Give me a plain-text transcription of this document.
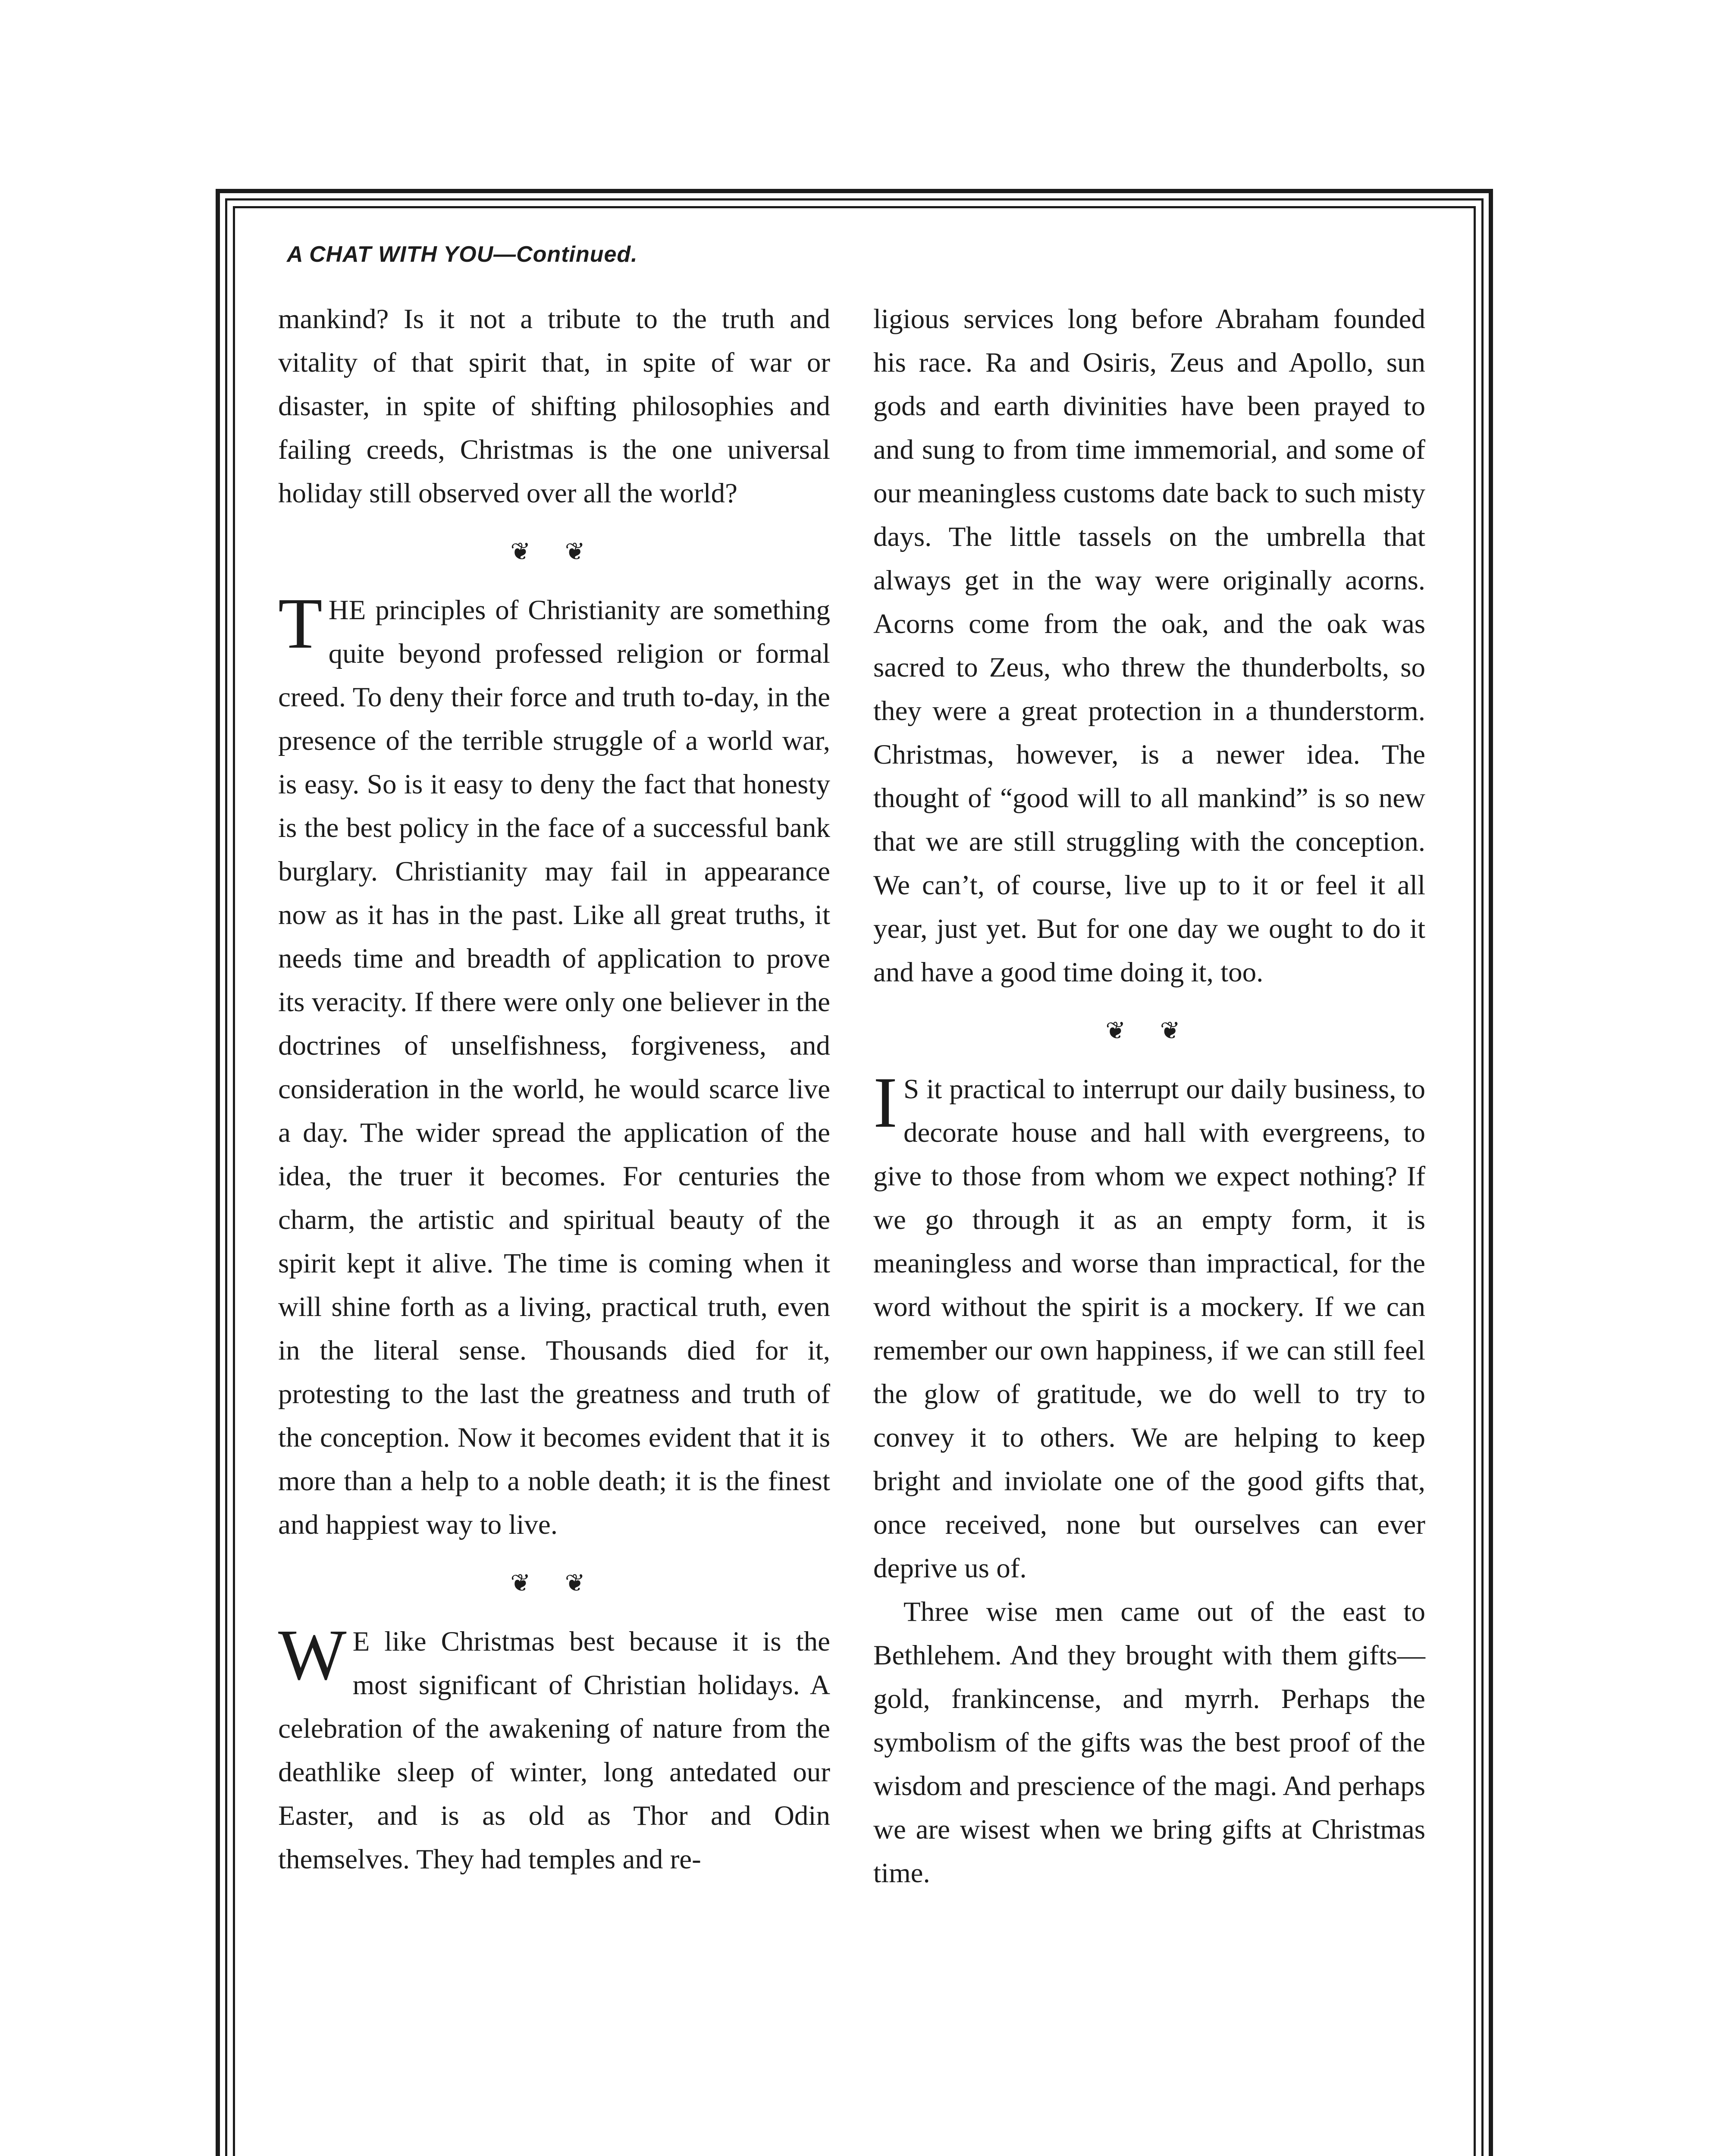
A CHAT WITH YOU—Continued.

mankind? Is it not a tribute to the truth and vitality of that spirit that, in spite of war or disaster, in spite of shifting philosophies and failing creeds, Christmas is the one universal holiday still observed over all the world?

❦ ❦

THE principles of Christianity are something quite beyond professed religion or formal creed. To deny their force and truth to-day, in the presence of the terrible struggle of a world war, is easy. So is it easy to deny the fact that honesty is the best policy in the face of a successful bank burglary. Christianity may fail in appearance now as it has in the past. Like all great truths, it needs time and breadth of application to prove its veracity. If there were only one believer in the doctrines of unselfishness, forgiveness, and consideration in the world, he would scarce live a day. The wider spread the application of the idea, the truer it becomes. For centuries the charm, the artistic and spiritual beauty of the spirit kept it alive. The time is coming when it will shine forth as a living, practical truth, even in the literal sense. Thousands died for it, protesting to the last the greatness and truth of the conception. Now it becomes evident that it is more than a help to a noble death; it is the finest and happiest way to live.

❦ ❦

W E like Christmas best because it is the most significant of Christian holidays. A celebration of the awakening of nature from the deathlike sleep of winter, long antedated our Easter, and is as old as Thor and Odin themselves. They had temples and re-

ligious services long before Abraham founded his race. Ra and Osiris, Zeus and Apollo, sun gods and earth divinities have been prayed to and sung to from time immemorial, and some of our meaningless customs date back to such misty days. The little tassels on the umbrella that always get in the way were originally acorns. Acorns come from the oak, and the oak was sacred to Zeus, who threw the thunderbolts, so they were a great protection in a thunderstorm. Christmas, however, is a newer idea. The thought of “good will to all mankind” is so new that we are still struggling with the conception. We can’t, of course, live up to it or feel it all year, just yet. But for one day we ought to do it and have a good time doing it, too.

❦ ❦

I S it practical to interrupt our daily business, to decorate house and hall with evergreens, to give to those from whom we expect nothing? If we go through it as an empty form, it is meaningless and worse than impractical, for the word without the spirit is a mockery. If we can remember our own happiness, if we can still feel the glow of gratitude, we do well to try to convey it to others. We are helping to keep bright and inviolate one of the good gifts that, once received, none but ourselves can ever deprive us of.

Three wise men came out of the east to Bethlehem. And they brought with them gifts—gold, frankincense, and myrrh. Perhaps the symbolism of the gifts was the best proof of the wisdom and prescience of the magi. And perhaps we are wisest when we bring gifts at Christmas time.
